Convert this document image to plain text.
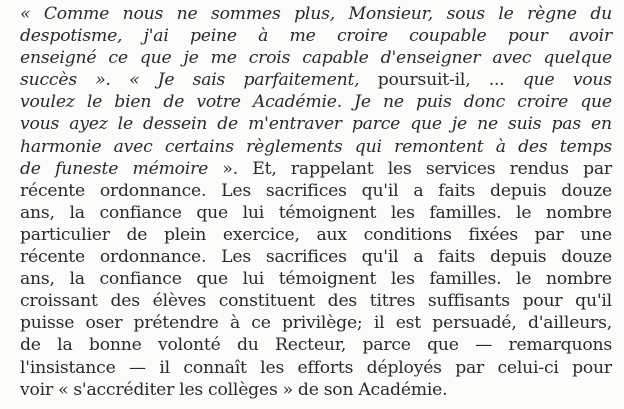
« Comme nous ne sommes plus, Monsieur, sous le règne du
despotisme, j'ai peine à me croire coupable pour avoir
enseigné ce que je me crois capable d'enseigner avec quelque
succès ». « Je sais parfaitement, poursuit-il, ... que vous
voulez le bien de votre Académie. Je ne puis donc croire que
vous ayez le dessein de m'entraver parce que je ne suis pas en
harmonie avec certains règlements qui remontent à des temps
de funeste mémoire ». Et, rappelant les services rendus par
récente ordonnance. Les sacrifices qu'il a faits depuis douze
ans, la confiance que lui témoignent les familles. le nombre
particulier de plein exercice, aux conditions fixées par une
récente ordonnance. Les sacrifices qu'il a faits depuis douze
ans, la confiance que lui témoignent les familles. le nombre
croissant des élèves constituent des titres suffisants pour qu'il
puisse oser prétendre à ce privilège; il est persuadé, d'ailleurs,
de la bonne volonté du Recteur, parce que — remarquons
l'insistance — il connaît les efforts déployés par celui-ci pour
voir « s'accréditer les collèges » de son Académie.
